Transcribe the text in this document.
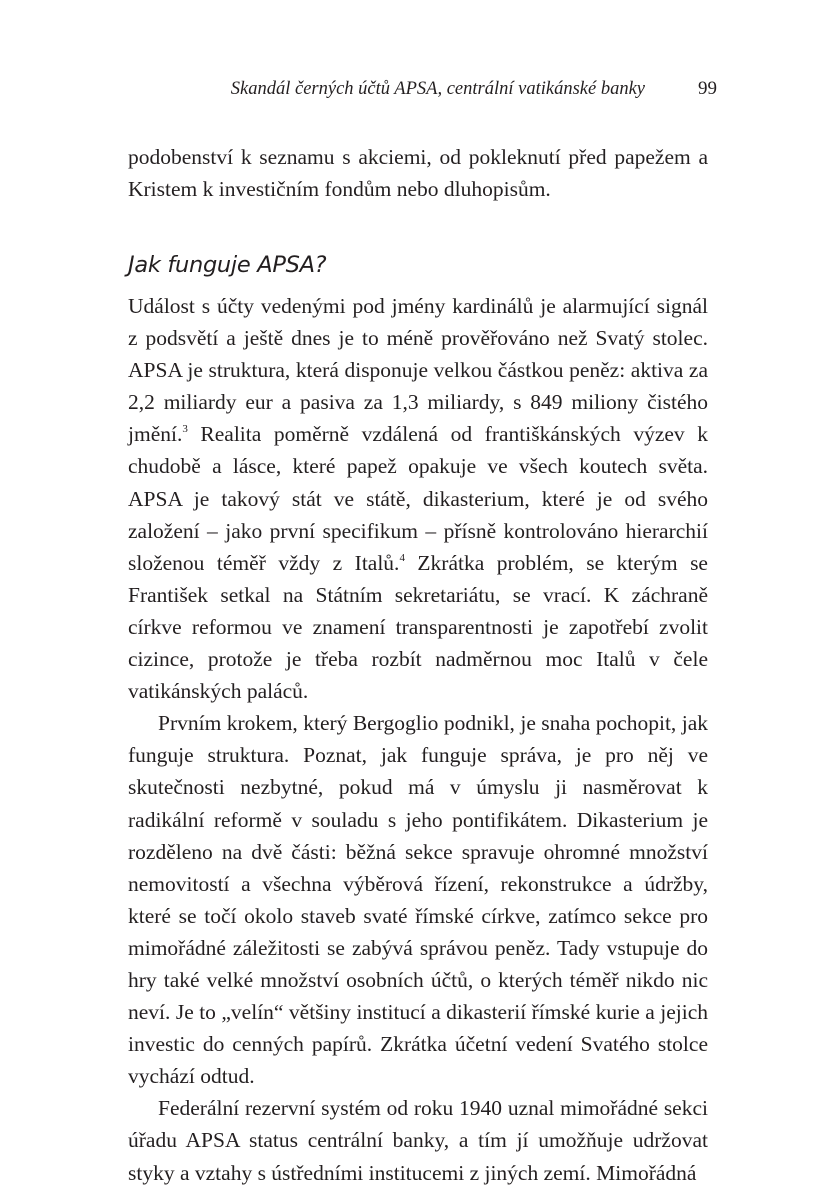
Skandál černých účtů APSA, centrální vatikánské banky	99

podobenství k seznamu s akciemi, od pokleknutí před papežem a Kristem k investičním fondům nebo dluhopisům.

Jak funguje APSA?

Událost s účty vedenými pod jmény kardinálů je alarmující signál z podsvětí a ještě dnes je to méně prověřováno než Svatý stolec. APSA je struktura, která disponuje velkou částkou peněz: aktiva za 2,2 miliardy eur a pasiva za 1,3 miliardy, s 849 miliony čistého jmění.$^3$ Realita poměrně vzdálená od františkánských výzev k chudobě a lásce, které papež opakuje ve všech koutech světa. APSA je takový stát ve státě, dikasterium, které je od svého založení – jako první specifikum – přísně kontrolováno hierarchií složenou téměř vždy z Italů.$^4$ Zkrátka problém, se kterým se František setkal na Státním sekretariátu, se vrací. K záchraně církve reformou ve znamení transparentnosti je zapotřebí zvolit cizince, protože je třeba rozbít nadměrnou moc Italů v čele vatikánských paláců.

Prvním krokem, který Bergoglio podnikl, je snaha pochopit, jak funguje struktura. Poznat, jak funguje správa, je pro něj ve skutečnosti nezbytné, pokud má v úmyslu ji nasměrovat k radikální reformě v souladu s jeho pontifikátem. Dikasterium je rozděleno na dvě části: běžná sekce spravuje ohromné množství nemovitostí a všechna výběrová řízení, rekonstrukce a údržby, které se točí okolo staveb svaté římské církve, zatímco sekce pro mimořádné záležitosti se zabývá správou peněz. Tady vstupuje do hry také velké množství osobních účtů, o kterých téměř nikdo nic neví. Je to „velín“ většiny institucí a dikasterií římské kurie a jejich investic do cenných papírů. Zkrátka účetní vedení Svatého stolce vychází odtud.

Federální rezervní systém od roku 1940 uznal mimořádné sekci úřadu APSA status centrální banky, a tím jí umožňuje udržovat styky a vztahy s ústředními institucemi z jiných zemí. Mimořádná
